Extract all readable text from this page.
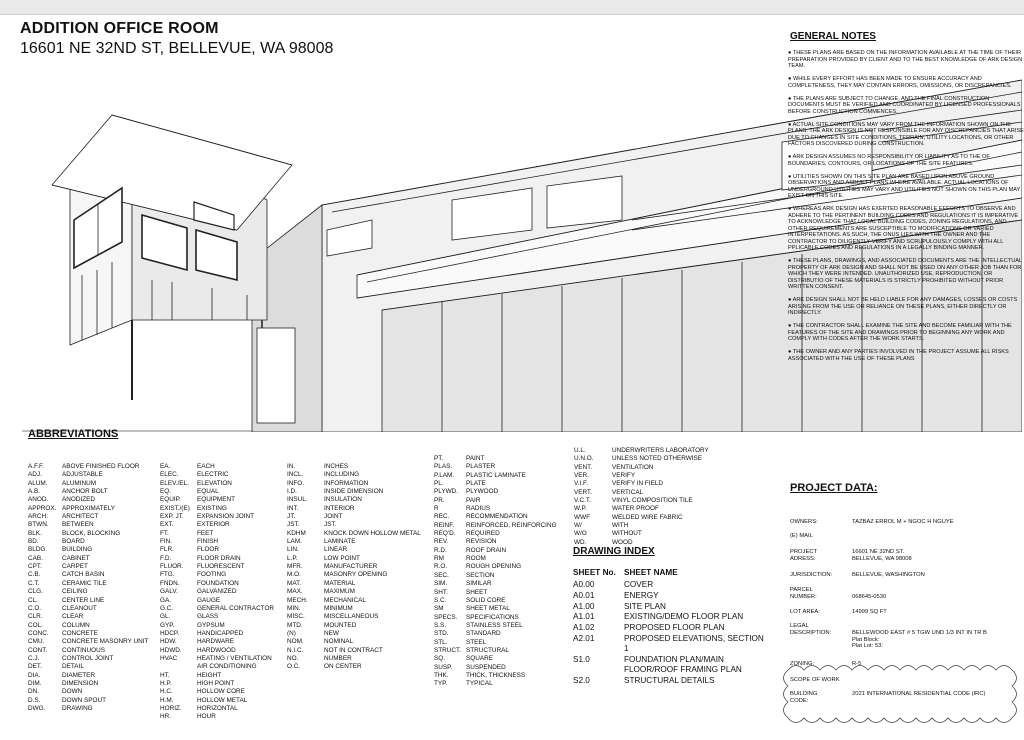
ADDITION OFFICE ROOM
16601 NE 32ND ST, BELLEVUE, WA 98008
ABBREVIATIONS
A.F.F.	ABOVE FINISHED FLOOR
ADJ.	ADJUSTABLE
ALUM.	ALUMINUM
A.B.	ANCHOR BOLT
ANOD.	ANODIZED
APPROX. APPROXIMATELY
ARCH.	ARCHITECT
BTWN.	BETWEEN
BLK.	BLOCK, BLOCKING
BD.	BOARD
BLDG.	BUILDING
CAB.	CABINET
CPT.	CARPET
C.B.	CATCH BASIN
C.T.	CERAMIC TILE
CLG.	CEILING
CL.	CENTER LINE
C.O.	CLEANOUT
CLR.	CLEAR
COL.	COLUMN
CONC.	CONCRETE
CMU.	CONCRETE MASONRY UNIT
CONT.	CONTINUOUS
C.J.	CONTROL JOINT
DET.	DETAIL
DIA.	DIAMETER
DIM.	DIMENSION
DN.	DOWN
D.S.	DOWN SPOUT
DWG.	DRAWING
EA.	EACH
ELEC.	ELECTRIC
ELEV./EL.	ELEVATION
EQ.	EQUAL
EQUIP.	EQUIPMENT
EXIST./(E)	EXISTING
EXP. JT.	EXPANSION JOINT
EXT.	EXTERIOR
FT.	FEET
FIN.	FINISH
FLR.	FLOOR
F.D.	FLOOR DRAIN
FLUOR.	FLUORESCENT
FTG.	FOOTING
FNDN.	FOUNDATION
GALV.	GALVANIZED
GA.	GAUGE
G.C.	GENERAL CONTRACTOR
GL.	GLASS
GYP.	GYPSUM
HDCP.	HANDICAPPED
HDW.	HARDWARE
HDWD.	HARDWOOD
HVAC	HEATING / VENTILATION
AIR CONDITIONING
HT.	HEIGHT
H.P.	HIGH POINT
H.C.	HOLLOW CORE
H.M.	HOLLOW METAL
HORIZ.	HORIZONTAL
HR.	HOUR
IN.	INCHES
INCL.	INCLUDING
INFO.	INFORMATION
I.D.	INSIDE DIMENSION
INSUL.	INSULATION
INT.	INTERIOR
JT.	JOINT
JST.	JST.
KDHM	KNOCK DOWN HOLLOW METAL
LAM.	LAMINATE
LIN.	LINEAR
L.P.	LOW POINT
MFR.	MANUFACTURER
M.O.	MASONRY OPENING
MAT.	MATERIAL
MAX.	MAXIMUM
MECH.	MECHANICAL
MIN.	MINIMUM
MISC.	MISCELLANEOUS
MTD.	MOUNTED
(N)	NEW
NOM.	NOMINAL
N.I.C.	NOT IN CONTRACT
NO.	NUMBER
O.C.	ON CENTER
PT.	PAINT
PLAS.	PLASTER
P.LAM.	PLASTIC LAMINATE
PL.	PLATE
PLYWD.	PLYWOOD
PR.	PAIR
R	RADIUS
REC.	RECOMMENDATION
REINF.	REINFORCED, REINFORCING
REQ'D.	REQUIRED
REV.	REVISION
R.D.	ROOF DRAIN
RM	ROOM
R.O.	ROUGH OPENING
SEC.	SECTION
SIM.	SIMILAR
SHT.	SHEET
S.C.	SOLID CORE
SM	SHEET METAL
SPECS.	SPECIFICATIONS
S.S.	STAINLESS STEEL
STD.	STANDARD
STL.	STEEL
STRUCT. STRUCTURAL
SQ.	SQUARE
SUSP.	SUSPENDED
THK.	THICK, THICKNESS
TYP.	TYPICAL
U.L.	UNDERWRITERS LABORATORY
U.N.O.	UNLESS NOTED OTHERWISE
VENT.	VENTILATION
VER.	VERIFY
V.I.F.	VERIFY IN FIELD
VERT.	VERTICAL
V.C.T.	VINYL COMPOSITION TILE
W.P.	WATER PROOF
WWF	WELDED WIRE FABRIC
W/	WITH
W/O	WITHOUT
WD.	WOOD
DRAWING INDEX
SHEET No.	SHEET NAME
A0.00	COVER
A0.01	ENERGY
A1.00	SITE PLAN
A1.01	EXISTING/DEMO FLOOR PLAN
A1.02	PROPOSED FLOOR PLAN
A2.01	PROPOSED ELEVATIONS, SECTION 1
S1.0	FOUNDATION PLAN/MAIN FLOOR/ROOF FRAMING PLAN
S2.0	STRUCTURAL DETAILS
GENERAL NOTES

● THESE PLANS ARE BASED ON THE INFORMATION AVAILABLE AT THE TIME OF THEIR PREPARATION PROVIDED BY CLIENT AND TO THE BEST KNOWLEDGE OF ARK DESIGN TEAM.

● WHILE EVERY EFFORT HAS BEEN MADE TO ENSURE ACCURACY AND COMPLETENESS, THEY MAY CONTAIN ERRORS, OMISSIONS, OR DISCREPANCIES.

● THE PLANS ARE SUBJECT TO CHANGE, AND THE FINAL CONSTRUCTION DOCUMENTS MUST BE VERIFIED AND COORDINATED BY LICENSED PROFESSIONALS BEFORE CONSTRUCTION COMMENCES.

● ACTUAL SITE CONDITIONS MAY VARY FROM THE INFORMATION SHOWN ON THE PLANS. THE ARK DESIGN IS NOT RESPONSIBLE FOR ANY DISCREPANCIES THAT ARISE DUE TO CHANGES IN SITE CONDITIONS, TERRAIN, UTILITY LOCATIONS, OR OTHER FACTORS DISCOVERED DURING CONSTRUCTION.

● ARK DESIGN ASSUMES NO RESPONSIBILITY OR LIABILITY AS TO THE OF BOUNDARIES, CONTOURS, OR LOCATIONS OF THE SITE FEATURES.

● UTILITIES SHOWN ON THIS SITE PLAN ARE BASED UPON ABOVE GROUND OBSERVATIONS AND ASBUILT PLANS WHERE AVAILABLE. ACTUAL LOCATIONS OF UNDERGROUND UTILITIES MAY VARY AND UTILITIES NOT SHOWN ON THIS PLAN MAY EXIST ON THIS SITE.

● WHEREAS ARK DESIGN HAS EXERTED REASONABLE EFFORTS TO OBSERVE AND ADHERE TO THE PERTINENT BUILDING CODES AND REGULATIONS IT IS IMPERATIVE TO ACKNOWLEDGE THAT LOCAL BUILDING CODES, ZONING REGULATIONS, AND OTHER REQUIREMENTS ARE SUSCEPTIBLE TO MODIFICATIONS OR VARIED INTERPRETATIONS. AS SUCH, THE ONUS LIES WITH THE OWNER AND THE CONTRACTOR TO DILIGENTLY VERIFY AND SCRUPULOUSLY COMPLY WITH ALL PPLICABLE CODES AND REGULATIONS IN A LEGALLY BINDING MANNER.

● THESE PLANS, DRAWINGS, AND ASSOCIATED DOCUMENTS ARE THE INTELLECTUAL PROPERTY OF ARK DESIGN AND SHALL NOT BE USED ON ANY OTHER JOB THAN FOR WHICH THEY WERE INTENDED. UNAUTHORIZED USE, REPRODUCTION, OR DISTRIBUTIO OF THESE MATERIALS IS STRICTLY PROHIBITED WITHOUT PRIOR WRITTEN CONSENT.

● ARK DESIGN SHALL NOT BE HELD LIABLE FOR ANY DAMAGES, LOSSES OR COSTS ARISING FROM THE USE OR RELIANCE ON THESE PLANS, EITHER DIRECTLY OR INDIRECTLY.

● THE CONTRACTOR SHALL EXAMINE THE SITE AND BECOME FAMILIAR WITH THE FEATURES OF THE SITE AND DRAWINGS PRIOR TO BEGINNING ANY WORK AND COMPLY WITH CODES AFTER THE WORK STARTS.

● THE OWNER AND ANY PARTIES INVOLVED IN THE PROJECT ASSUME ALL RISKS ASSOCIATED WITH THE USE OF THESE PLANS

PROJECT DATA:
OWNERS:	TAZBAZ ERROL M + NGOC H NGUYE
(E) MAIL
PROJECT
ADRESS:
16601 NE 32ND ST.
BELLEVUE, WA 98008
JURISDICTION:	BELLEVUE, WASHINGTON
PARCEL
NUMBER:	068645-0530
LOT AREA:	14999 SQ FT
LEGAL
DESCRIPTION:	BELLEWOOD EAST # 5 TGW UND 1/3 INT IN TR B
Plat Block:
Plat Lot: 53:
ZONING:	R-5
SCOPE OF WORK
BUILDING
CODE:
2021 INTERNATIONAL RESIDENTIAL CODE (IRC)
